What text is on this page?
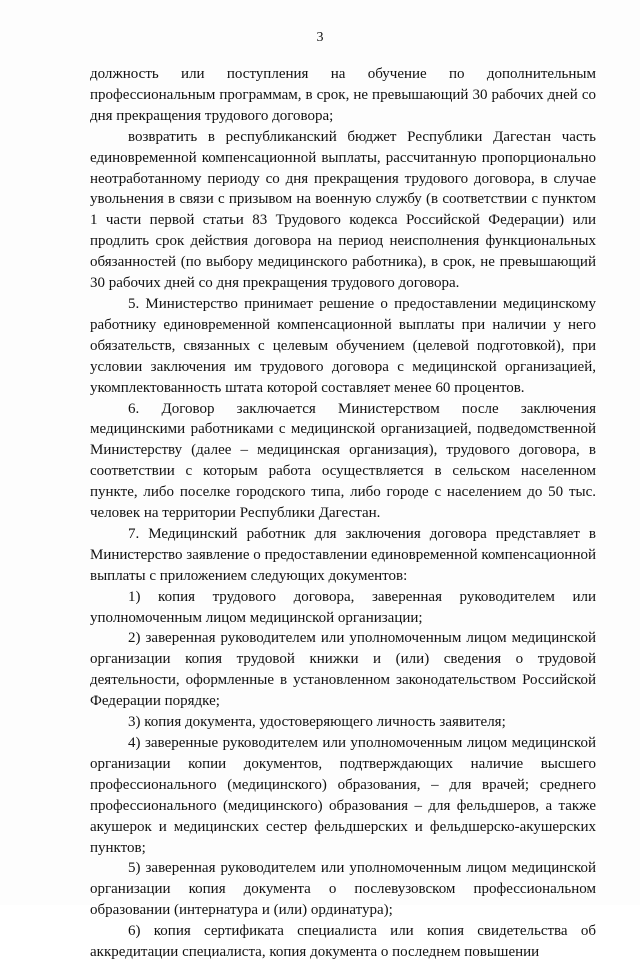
3

должность или поступления на обучение по дополнительным профессиональным программам, в срок, не превышающий 30 рабочих дней со дня прекращения трудового договора;

возвратить в республиканский бюджет Республики Дагестан часть единовременной компенсационной выплаты, рассчитанную пропорционально неотработанному периоду со дня прекращения трудового договора, в случае увольнения в связи с призывом на военную службу (в соответствии с пунктом 1 части первой статьи 83 Трудового кодекса Российской Федерации) или продлить срок действия договора на период неисполнения функциональных обязанностей (по выбору медицинского работника), в срок, не превышающий 30 рабочих дней со дня прекращения трудового договора.

5. Министерство принимает решение о предоставлении медицинскому работнику единовременной компенсационной выплаты при наличии у него обязательств, связанных с целевым обучением (целевой подготовкой), при условии заключения им трудового договора с медицинской организацией, укомплектованность штата которой составляет менее 60 процентов.

6. Договор заключается Министерством после заключения медицинскими работниками с медицинской организацией, подведомственной Министерству (далее – медицинская организация), трудового договора, в соответствии с которым работа осуществляется в сельском населенном пункте, либо поселке городского типа, либо городе с населением до 50 тыс. человек на территории Республики Дагестан.

7. Медицинский работник для заключения договора представляет в Министерство заявление о предоставлении единовременной компенсационной выплаты с приложением следующих документов:

1) копия трудового договора, заверенная руководителем или уполномоченным лицом медицинской организации;

2) заверенная руководителем или уполномоченным лицом медицинской организации копия трудовой книжки и (или) сведения о трудовой деятельности, оформленные в установленном законодательством Российской Федерации порядке;

3) копия документа, удостоверяющего личность заявителя;

4) заверенные руководителем или уполномоченным лицом медицинской организации копии документов, подтверждающих наличие высшего профессионального (медицинского) образования, – для врачей; среднего профессионального (медицинского) образования – для фельдшеров, а также акушерок и медицинских сестер фельдшерских и фельдшерско-акушерских пунктов;

5) заверенная руководителем или уполномоченным лицом медицинской организации копия документа о послевузовском профессиональном образовании (интернатура и (или) ординатура);

6) копия сертификата специалиста или копия свидетельства об аккредитации специалиста, копия документа о последнем повышении
